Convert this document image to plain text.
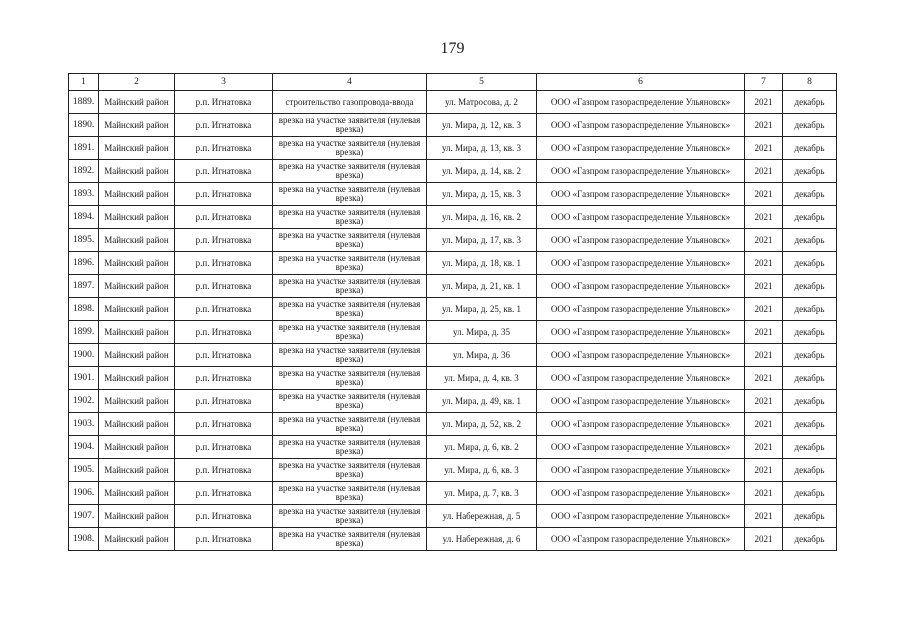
179
1	2	3	4	5	6	7	8
1889.	Майнский район	р.п. Игнатовка	строительство газопровода-ввода	ул. Матросова, д. 2	ООО «Газпром газораспределение Ульяновск»	2021	декабрь
1890.	Майнский район	р.п. Игнатовка	врезка на участке заявителя (нулевая врезка)	ул. Мира, д. 12, кв. 3	ООО «Газпром газораспределение Ульяновск»	2021	декабрь
1891.	Майнский район	р.п. Игнатовка	врезка на участке заявителя (нулевая врезка)	ул. Мира, д. 13, кв. 3	ООО «Газпром газораспределение Ульяновск»	2021	декабрь
1892.	Майнский район	р.п. Игнатовка	врезка на участке заявителя (нулевая врезка)	ул. Мира, д. 14, кв. 2	ООО «Газпром газораспределение Ульяновск»	2021	декабрь
1893.	Майнский район	р.п. Игнатовка	врезка на участке заявителя (нулевая врезка)	ул. Мира, д. 15, кв. 3	ООО «Газпром газораспределение Ульяновск»	2021	декабрь
1894.	Майнский район	р.п. Игнатовка	врезка на участке заявителя (нулевая врезка)	ул. Мира, д. 16, кв. 2	ООО «Газпром газораспределение Ульяновск»	2021	декабрь
1895.	Майнский район	р.п. Игнатовка	врезка на участке заявителя (нулевая врезка)	ул. Мира, д. 17, кв. 3	ООО «Газпром газораспределение Ульяновск»	2021	декабрь
1896.	Майнский район	р.п. Игнатовка	врезка на участке заявителя (нулевая врезка)	ул. Мира, д. 18, кв. 1	ООО «Газпром газораспределение Ульяновск»	2021	декабрь
1897.	Майнский район	р.п. Игнатовка	врезка на участке заявителя (нулевая врезка)	ул. Мира, д. 21, кв. 1	ООО «Газпром газораспределение Ульяновск»	2021	декабрь
1898.	Майнский район	р.п. Игнатовка	врезка на участке заявителя (нулевая врезка)	ул. Мира, д. 25, кв. 1	ООО «Газпром газораспределение Ульяновск»	2021	декабрь
1899.	Майнский район	р.п. Игнатовка	врезка на участке заявителя (нулевая врезка)	ул. Мира, д. 35	ООО «Газпром газораспределение Ульяновск»	2021	декабрь
1900.	Майнский район	р.п. Игнатовка	врезка на участке заявителя (нулевая врезка)	ул. Мира, д. 36	ООО «Газпром газораспределение Ульяновск»	2021	декабрь
1901.	Майнский район	р.п. Игнатовка	врезка на участке заявителя (нулевая врезка)	ул. Мира, д. 4, кв. 3	ООО «Газпром газораспределение Ульяновск»	2021	декабрь
1902.	Майнский район	р.п. Игнатовка	врезка на участке заявителя (нулевая врезка)	ул. Мира, д. 49, кв. 1	ООО «Газпром газораспределение Ульяновск»	2021	декабрь
1903.	Майнский район	р.п. Игнатовка	врезка на участке заявителя (нулевая врезка)	ул. Мира, д. 52, кв. 2	ООО «Газпром газораспределение Ульяновск»	2021	декабрь
1904.	Майнский район	р.п. Игнатовка	врезка на участке заявителя (нулевая врезка)	ул. Мира, д. 6, кв. 2	ООО «Газпром газораспределение Ульяновск»	2021	декабрь
1905.	Майнский район	р.п. Игнатовка	врезка на участке заявителя (нулевая врезка)	ул. Мира, д. 6, кв. 3	ООО «Газпром газораспределение Ульяновск»	2021	декабрь
1906.	Майнский район	р.п. Игнатовка	врезка на участке заявителя (нулевая врезка)	ул. Мира, д. 7, кв. 3	ООО «Газпром газораспределение Ульяновск»	2021	декабрь
1907.	Майнский район	р.п. Игнатовка	врезка на участке заявителя (нулевая врезка)	ул. Набережная, д. 5	ООО «Газпром газораспределение Ульяновск»	2021	декабрь
1908.	Майнский район	р.п. Игнатовка	врезка на участке заявителя (нулевая врезка)	ул. Набережная, д. 6	ООО «Газпром газораспределение Ульяновск»	2021	декабрь
